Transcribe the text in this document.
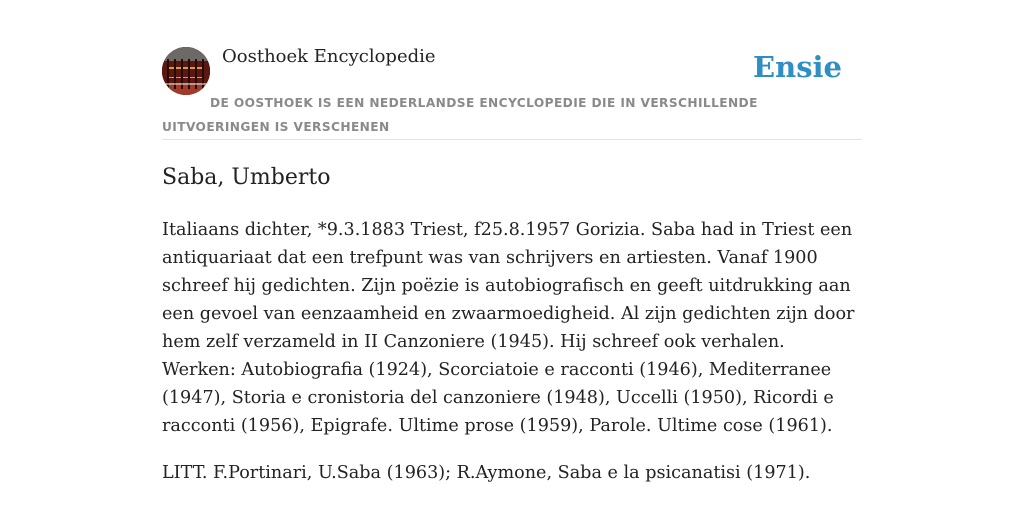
Oosthoek Encyclopedie	Ensie
DE OOSTHOEK IS EEN NEDERLANDSE ENCYCLOPEDIE DIE IN VERSCHILLENDE UITVOERINGEN IS VERSCHENEN
Saba, Umberto

Italiaans dichter, *9.3.1883 Triest, f25.8.1957 Gorizia. Saba had in Triest een antiquariaat dat een trefpunt was van schrijvers en artiesten. Vanaf 1900 schreef hij gedichten. Zijn poëzie is autobiografisch en geeft uitdrukking aan een gevoel van eenzaamheid en zwaarmoedigheid. Al zijn gedichten zijn door hem zelf verzameld in II Canzoniere (1945). Hij schreef ook verhalen. Werken: Autobiografia (1924), Scorciatoie e racconti (1946), Mediterranee (1947), Storia e cronistoria del canzoniere (1948), Uccelli (1950), Ricordi e racconti (1956), Epigrafe. Ultime prose (1959), Parole. Ultime cose (1961).

LITT. F.Portinari, U.Saba (1963); R.Aymone, Saba e la psicanatisi (1971).
